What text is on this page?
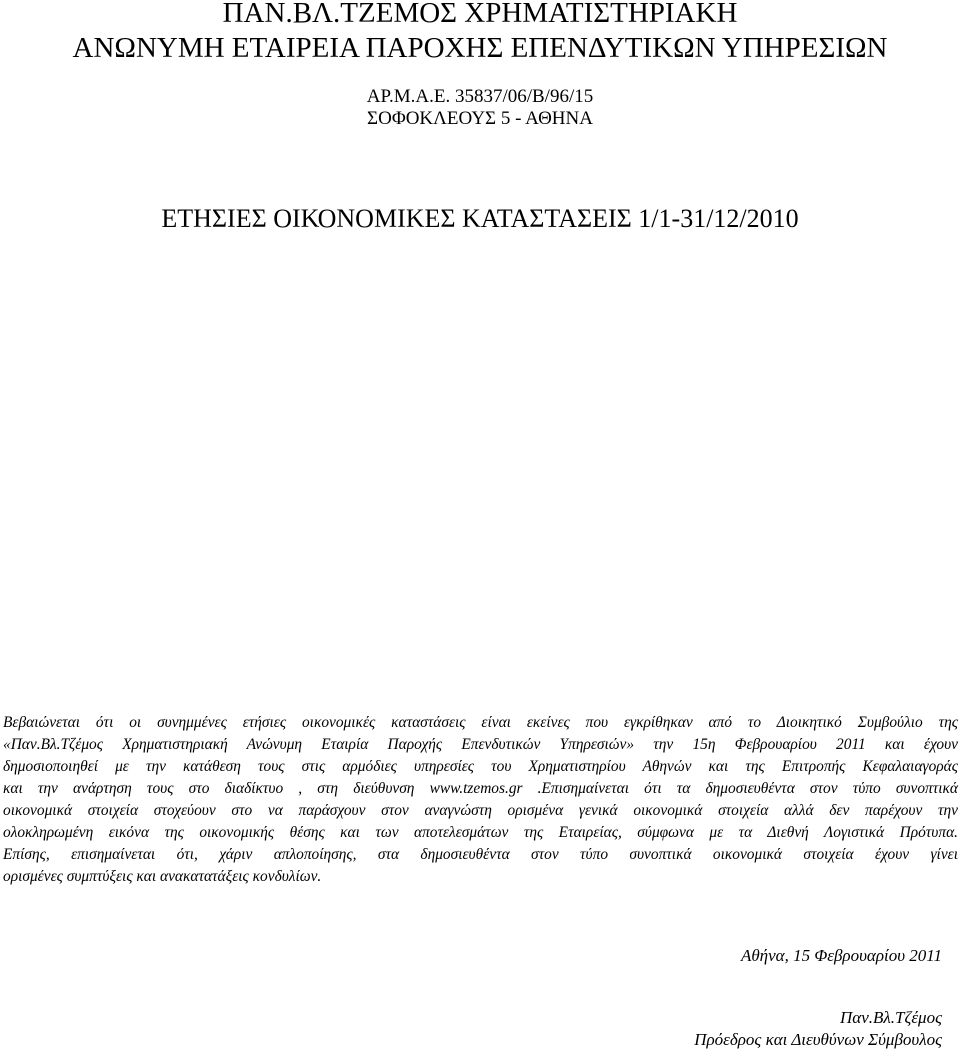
ΠΑΝ.ΒΛ.ΤΖΕΜΟΣ ΧΡΗΜΑΤΙΣΤΗΡΙΑΚΗ
ΑΝΩΝΥΜΗ ΕΤΑΙΡΕΙΑ ΠΑΡΟΧΗΣ ΕΠΕΝΔΥΤΙΚΩΝ ΥΠΗΡΕΣΙΩΝ
ΑΡ.Μ.Α.Ε. 35837/06/Β/96/15
ΣΟΦΟΚΛΕΟΥΣ 5 - ΑΘΗΝΑ
ΕΤΗΣΙΕΣ ΟΙΚΟΝΟΜΙΚΕΣ ΚΑΤΑΣΤΑΣΕΙΣ 1/1-31/12/2010
Βεβαιώνεται ότι οι συνημμένες ετήσιες οικονομικές καταστάσεις είναι εκείνες που εγκρίθηκαν από το Διοικητικό Συμβούλιο της
«Παν.Βλ.Τζέμος Χρηματιστηριακή Ανώνυμη Εταιρία Παροχής Επενδυτικών Υπηρεσιών» την 15η Φεβρουαρίου 2011 και έχουν
δημοσιοποιηθεί με την κατάθεση τους στις αρμόδιες υπηρεσίες του Χρηματιστηρίου Αθηνών και της Επιτροπής Κεφαλαιαγοράς
και την ανάρτηση τους στο διαδίκτυο , στη διεύθυνση www.tzemos.gr .Επισημαίνεται ότι τα δημοσιευθέντα στον τύπο συνοπτικά
οικονομικά στοιχεία στοχεύουν στο να παράσχουν στον αναγνώστη ορισμένα γενικά οικονομικά στοιχεία αλλά δεν παρέχουν την
ολοκληρωμένη εικόνα της οικονομικής θέσης και των αποτελεσμάτων της Εταιρείας, σύμφωνα με τα Διεθνή Λογιστικά Πρότυπα.
Επίσης, επισημαίνεται ότι, χάριν απλοποίησης, στα δημοσιευθέντα στον τύπο συνοπτικά οικονομικά στοιχεία έχουν γίνει
ορισμένες συμπτύξεις και ανακατατάξεις κονδυλίων.
Αθήνα, 15 Φεβρουαρίου 2011
Παν.Βλ.Τζέμος
Πρόεδρος και Διευθύνων Σύμβουλος
